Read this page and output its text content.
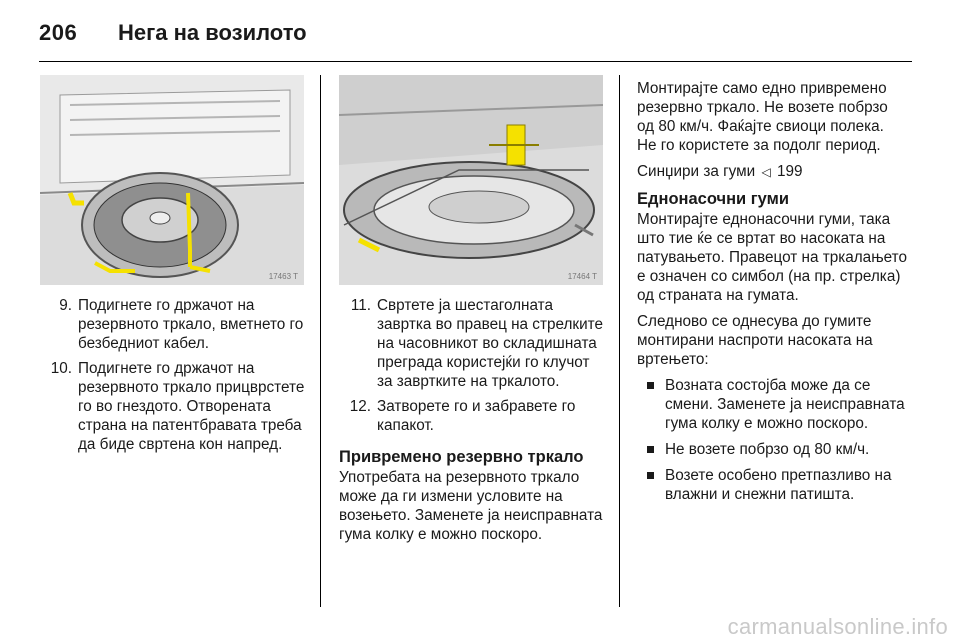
206 Нега на возилото
17463 T	17464 T
9. Подигнете го држачот на резервното тркало, вметнето го безбедниот кабел.
10. Подигнете го држачот на резервното тркало прицврстете го во гнездото. Отворената страна на патентбравата треба да биде свртена кон напред.
11. Свртете ја шестаголната завртка во правец на стрелките на часовникот во складишната преграда користејќи го клучот за завртките на тркалото.
12. Затворете го и забравете го капакот.
Привремено резервно тркало

Употребата на резервното тркало може да ги измени условите на возењето. Заменете ја неисправната гума колку е можно поскоро.

Монтирајте само едно привремено резервно тркало. Не возете побрзо од 80 км/ч. Фаќајте свиоци полека. Не го користете за подолг период.

Синџири за гуми ◁ 199

Еднонасочни гуми

Монтирајте еднонасочни гуми, така што тие ќе се вртат во насоката на патувањето. Правецот на тркалањето е означен со симбол (на пр. стрелка) од страната на гумата.

Следново се однесува до гумите монтирани наспроти насоката на вртењето:

Возната состојба може да се смени. Заменете ја неисправната гума колку е можно поскоро.
Не возете побрзо од 80 км/ч.
Возете особено претпазливо на влажни и снежни патишта.
carmanualsonline.info
